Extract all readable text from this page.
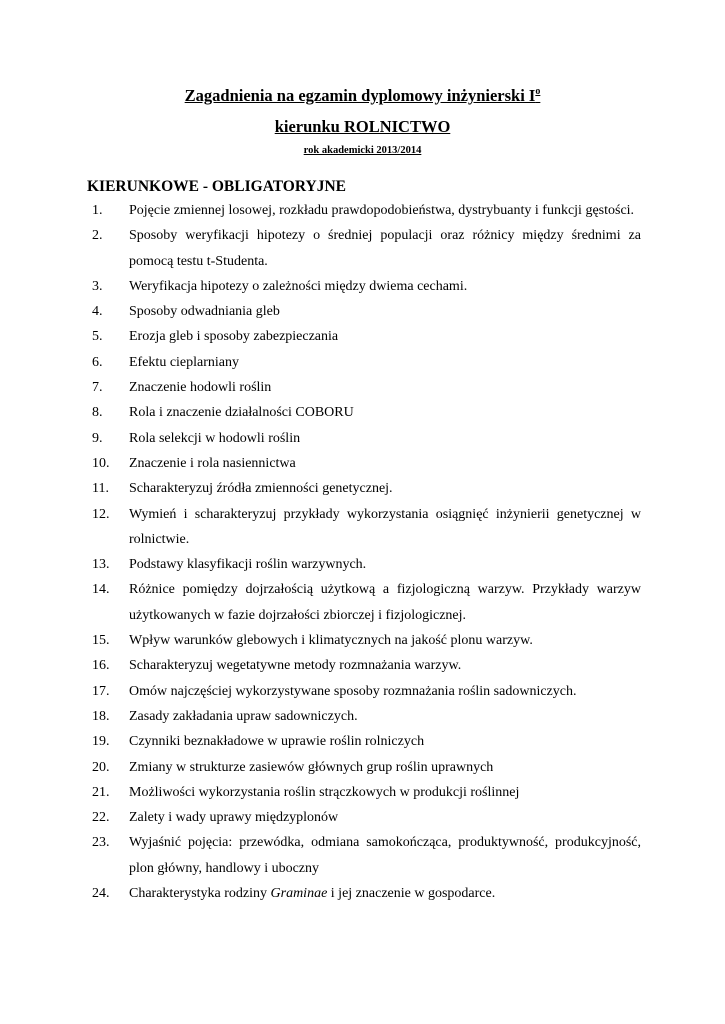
Zagadnienia na egzamin dyplomowy inżynierski $I^o$
kierunku ROLNICTWO
rok akademicki 2013/2014
KIERUNKOWE - OBLIGATORYJNE
1.	Pojęcie zmiennej losowej, rozkładu prawdopodobieństwa, dystrybuanty i funkcji gęstości.
2.	Sposoby weryfikacji hipotezy o średniej populacji oraz różnicy między średnimi za pomocą testu t-Studenta.
3.	Weryfikacja hipotezy o zależności między dwiema cechami.
4.	Sposoby odwadniania gleb
5.	Erozja gleb i sposoby zabezpieczania
6.	Efektu cieplarniany
7.	Znaczenie hodowli roślin
8.	Rola i znaczenie działalności COBORU
9.	Rola selekcji w hodowli roślin
10.	Znaczenie i rola nasiennictwa
11.	Scharakteryzuj źródła zmienności genetycznej.
12.	Wymień i scharakteryzuj przykłady wykorzystania osiągnięć inżynierii genetycznej w rolnictwie.
13.	Podstawy klasyfikacji roślin warzywnych.
14.	Różnice pomiędzy dojrzałością użytkową a fizjologiczną warzyw. Przykłady warzyw użytkowanych w fazie dojrzałości zbiorczej i fizjologicznej.
15.	Wpływ warunków glebowych i klimatycznych na jakość plonu warzyw.
16.	Scharakteryzuj wegetatywne metody rozmnażania warzyw.
17.	Omów najczęściej wykorzystywane sposoby rozmnażania roślin sadowniczych.
18.	Zasady zakładania upraw sadowniczych.
19.	Czynniki beznakładowe w uprawie roślin rolniczych
20.	Zmiany w strukturze zasiewów głównych grup roślin uprawnych
21.	Możliwości wykorzystania roślin strączkowych w produkcji roślinnej
22.	Zalety i wady uprawy międzyplonów
23.	Wyjaśnić pojęcia: przewódka, odmiana samokończąca, produktywność, produkcyjność, plon główny, handlowy i uboczny
24.	Charakterystyka rodziny Graminae i jej znaczenie w gospodarce.
